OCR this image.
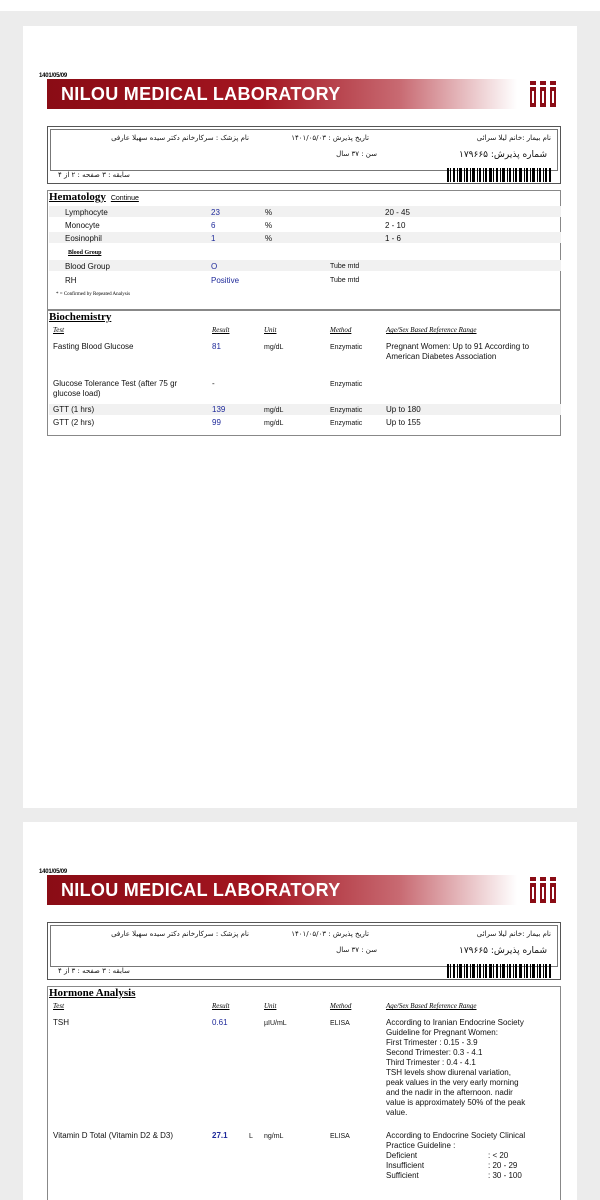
1401/05/09
NILOU MEDICAL LABORATORY
نام بیمار :خانم لیلا سرائی
شماره پذیرش: ۱۷۹۶۶۵
تاریخ پذیرش : ۱۴۰۱/۰۵/۰۳
سن : ۳۷ سال
نام پزشک : سرکارخانم دکتر سیده سهیلا عارفی
سابقه : ۳ صفحه : ۲ از ۴
Hematology Continue
Lymphocyte	23	%	20 - 45
Monocyte	6	%	2 - 10
Eosinophil	1	%	1 - 6
Blood Group
Blood Group	O	Tube mtd
RH	Positive	Tube mtd
* = Confirmed by Repeated Analysis
Biochemistry
Test	Result	Unit	Method	Age/Sex Based Reference Range
Fasting Blood Glucose	81	mg/dL	Enzymatic	Pregnant Women: Up to 91 According to American Diabetes Association
Glucose Tolerance Test (after 75 gr glucose load)
-	Enzymatic
GTT (1 hrs)	139	mg/dL	Enzymatic	Up to 180
GTT (2 hrs)	99	mg/dL	Enzymatic	Up to 155
1401/05/09
NILOU MEDICAL LABORATORY
نام بیمار :خانم لیلا سرائی
شماره پذیرش: ۱۷۹۶۶۵
تاریخ پذیرش : ۱۴۰۱/۰۵/۰۳
سن : ۳۷ سال
نام پزشک : سرکارخانم دکتر سیده سهیلا عارفی
سابقه : ۳ صفحه : ۳ از ۴
Hormone Analysis
Test	Result	Unit	Method	Age/Sex Based Reference Range
TSH	0.61	µIU/mL	ELISA	According to Iranian Endocrine Society
Guideline for Pregnant Women:
First Trimester : 0.15 - 3.9
Second Trimester: 0.3 - 4.1
Third Trimester : 0.4 - 4.1
TSH levels show diurenal variation,
peak values in the very early morning
and the nadir in the afternoon. nadir
value is approximately 50% of the peak
value.
Vitamin D Total (Vitamin D2 & D3)	27.1	L ng/mL	ELISA	According to Endocrine Society Clinical
Practice Guideline :
Deficient	: < 20
Insufficient	: 20 - 29
Sufficient	: 30 - 100
